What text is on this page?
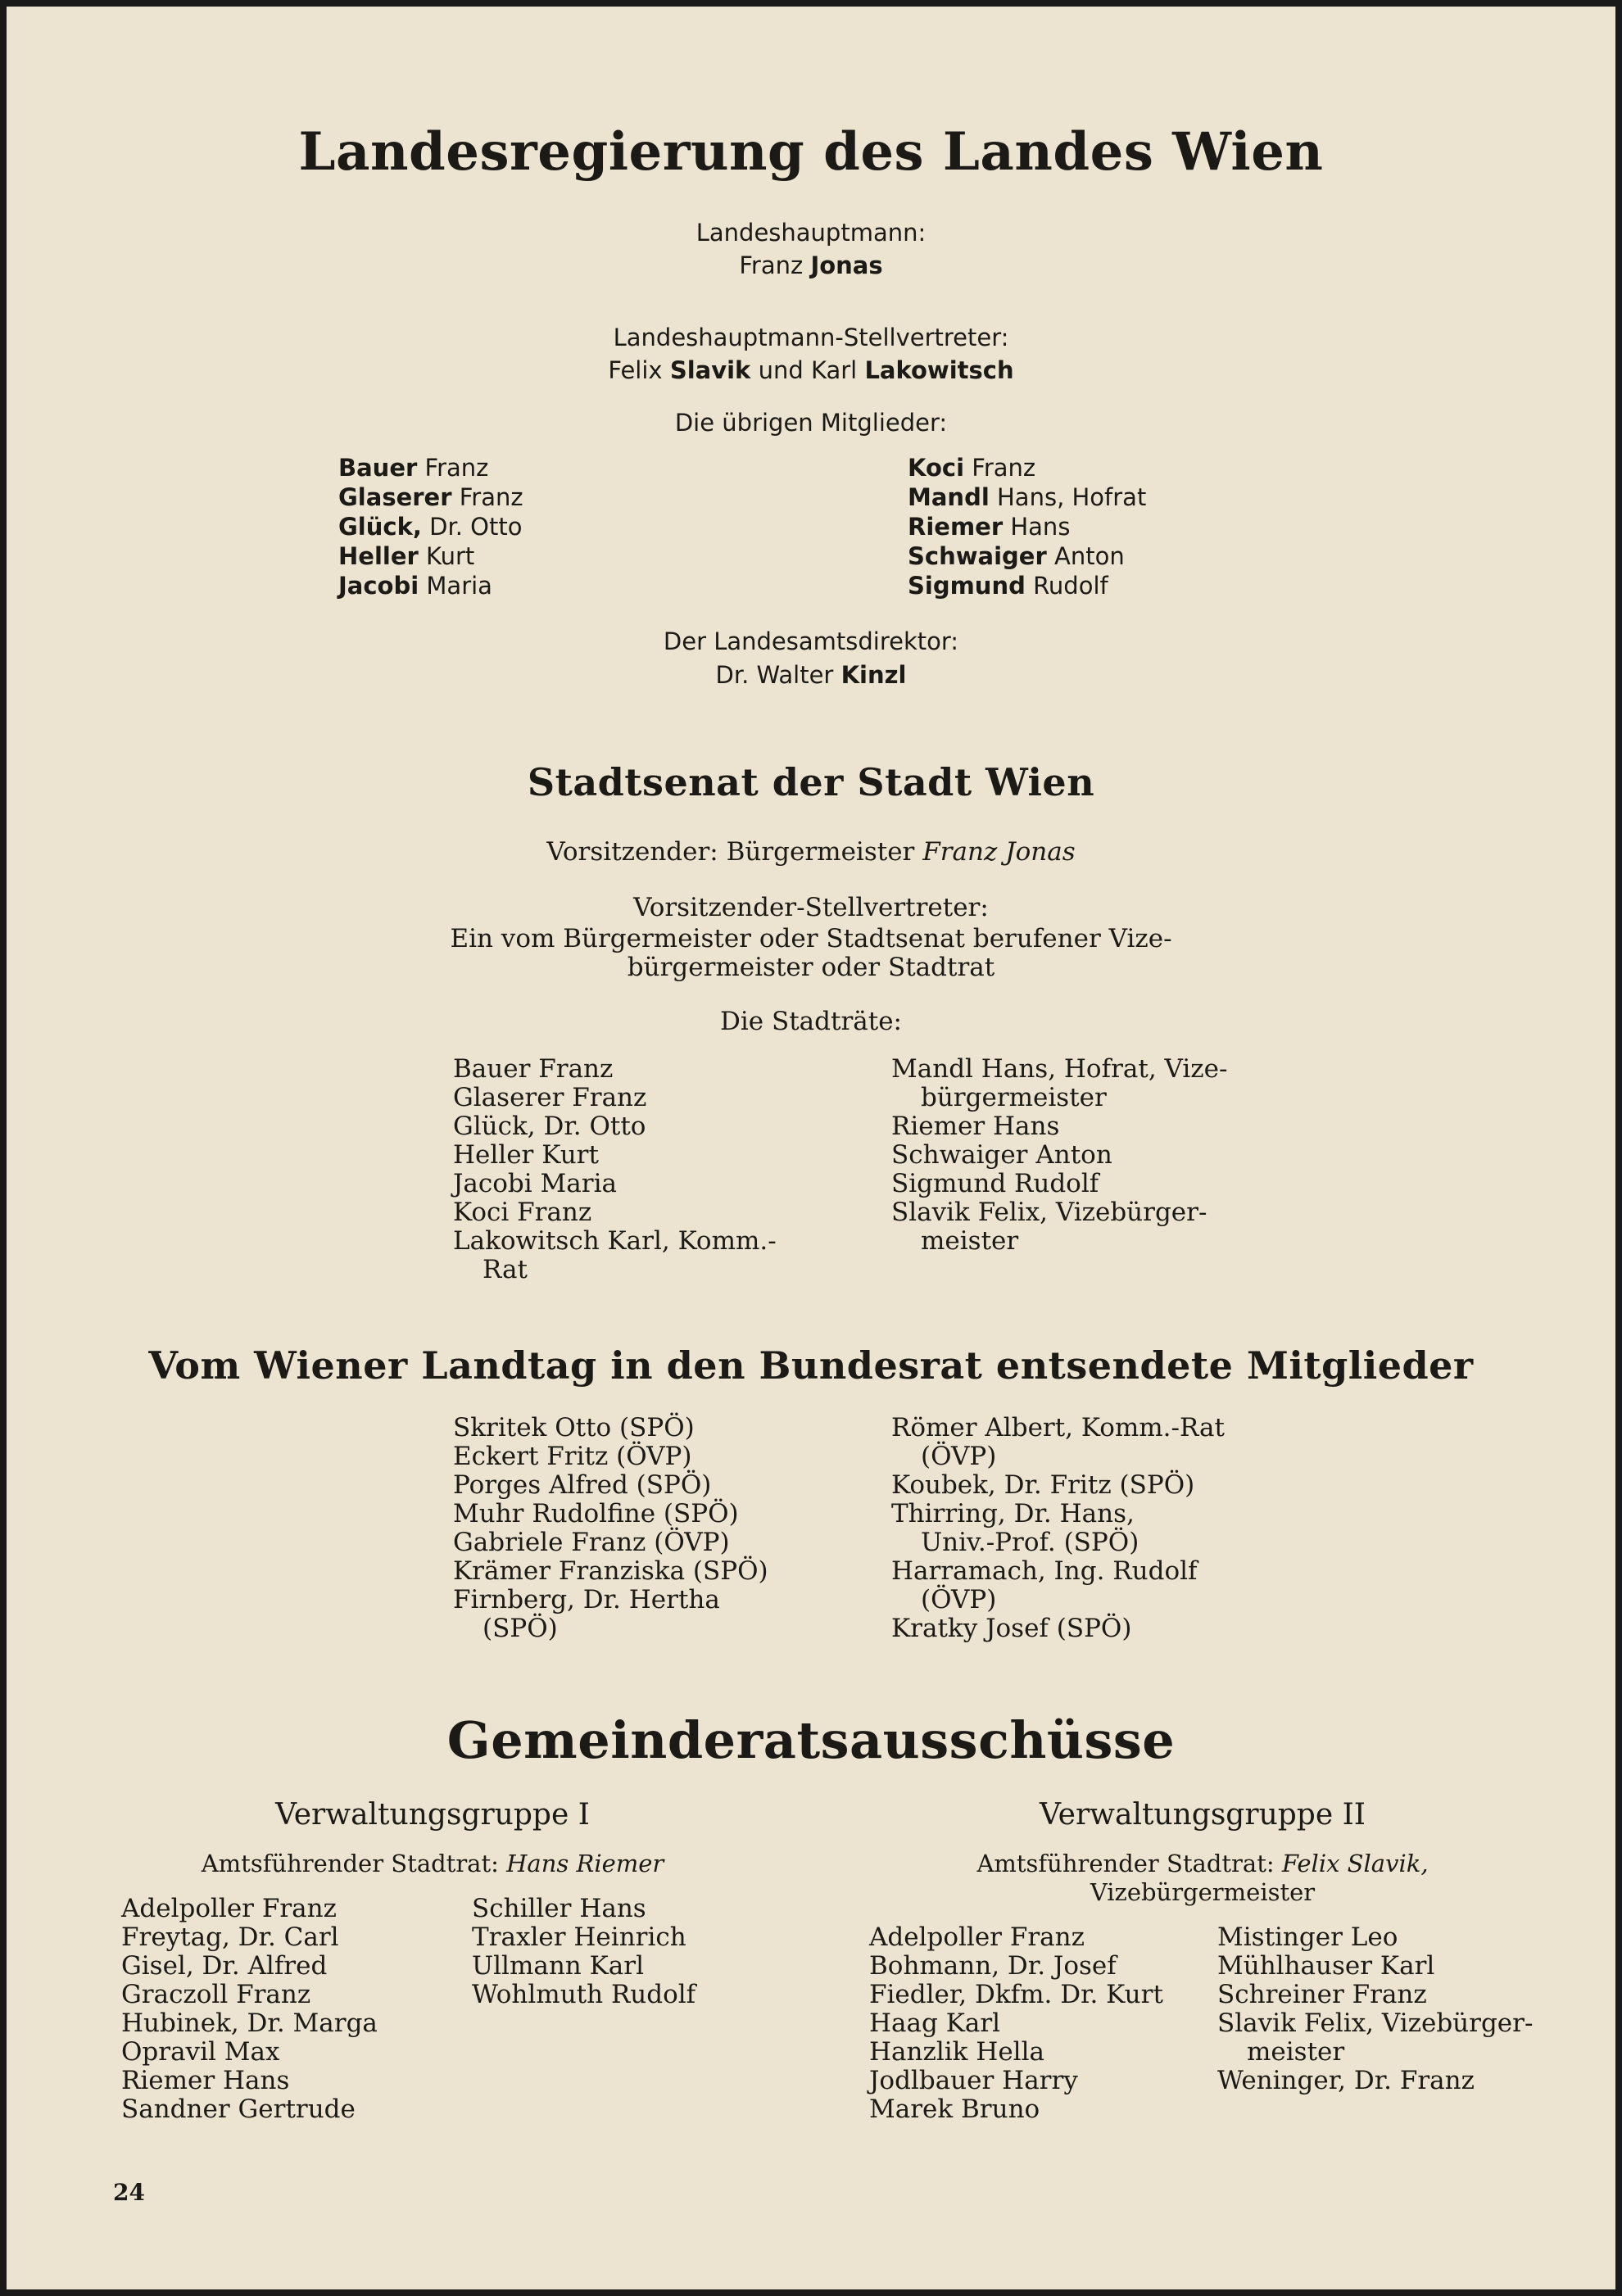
Landesregierung des Landes Wien
Landeshauptmann:
Franz Jonas
Landeshauptmann-Stellvertreter:
Felix Slavik und Karl Lakowitsch
Die übrigen Mitglieder:
Bauer Franz
Glaserer Franz
Glück, Dr. Otto
Heller Kurt
Jacobi Maria
Koci Franz
Mandl Hans, Hofrat
Riemer Hans
Schwaiger Anton
Sigmund Rudolf
Der Landesamtsdirektor:
Dr. Walter Kinzl
Stadtsenat der Stadt Wien
Vorsitzender: Bürgermeister Franz Jonas
Vorsitzender-Stellvertreter:
Ein vom Bürgermeister oder Stadtsenat berufener Vize-
bürgermeister oder Stadtrat
Die Stadträte:
Bauer Franz
Glaserer Franz
Glück, Dr. Otto
Heller Kurt
Jacobi Maria
Koci Franz
Lakowitsch Karl, Komm.-
Rat
Mandl Hans, Hofrat, Vize-
bürgermeister
Riemer Hans
Schwaiger Anton
Sigmund Rudolf
Slavik Felix, Vizebürger-
meister
Vom Wiener Landtag in den Bundesrat entsendete Mitglieder
Skritek Otto (SPÖ)
Eckert Fritz (ÖVP)
Porges Alfred (SPÖ)
Muhr Rudolfine (SPÖ)
Gabriele Franz (ÖVP)
Krämer Franziska (SPÖ)
Firnberg, Dr. Hertha
(SPÖ)
Römer Albert, Komm.-Rat
(ÖVP)
Koubek, Dr. Fritz (SPÖ)
Thirring, Dr. Hans,
Univ.-Prof. (SPÖ)
Harramach, Ing. Rudolf
(ÖVP)
Kratky Josef (SPÖ)
Gemeinderatsausschüsse
Verwaltungsgruppe I
Amtsführender Stadtrat: Hans Riemer
Adelpoller Franz
Freytag, Dr. Carl
Gisel, Dr. Alfred
Graczoll Franz
Hubinek, Dr. Marga
Opravil Max
Riemer Hans
Sandner Gertrude
Schiller Hans
Traxler Heinrich
Ullmann Karl
Wohlmuth Rudolf
Verwaltungsgruppe II
Amtsführender Stadtrat: Felix Slavik,
Vizebürgermeister
Adelpoller Franz
Bohmann, Dr. Josef
Fiedler, Dkfm. Dr. Kurt
Haag Karl
Hanzlik Hella
Jodlbauer Harry
Marek Bruno
Mistinger Leo
Mühlhauser Karl
Schreiner Franz
Slavik Felix, Vizebürger-
meister
Weninger, Dr. Franz
24
